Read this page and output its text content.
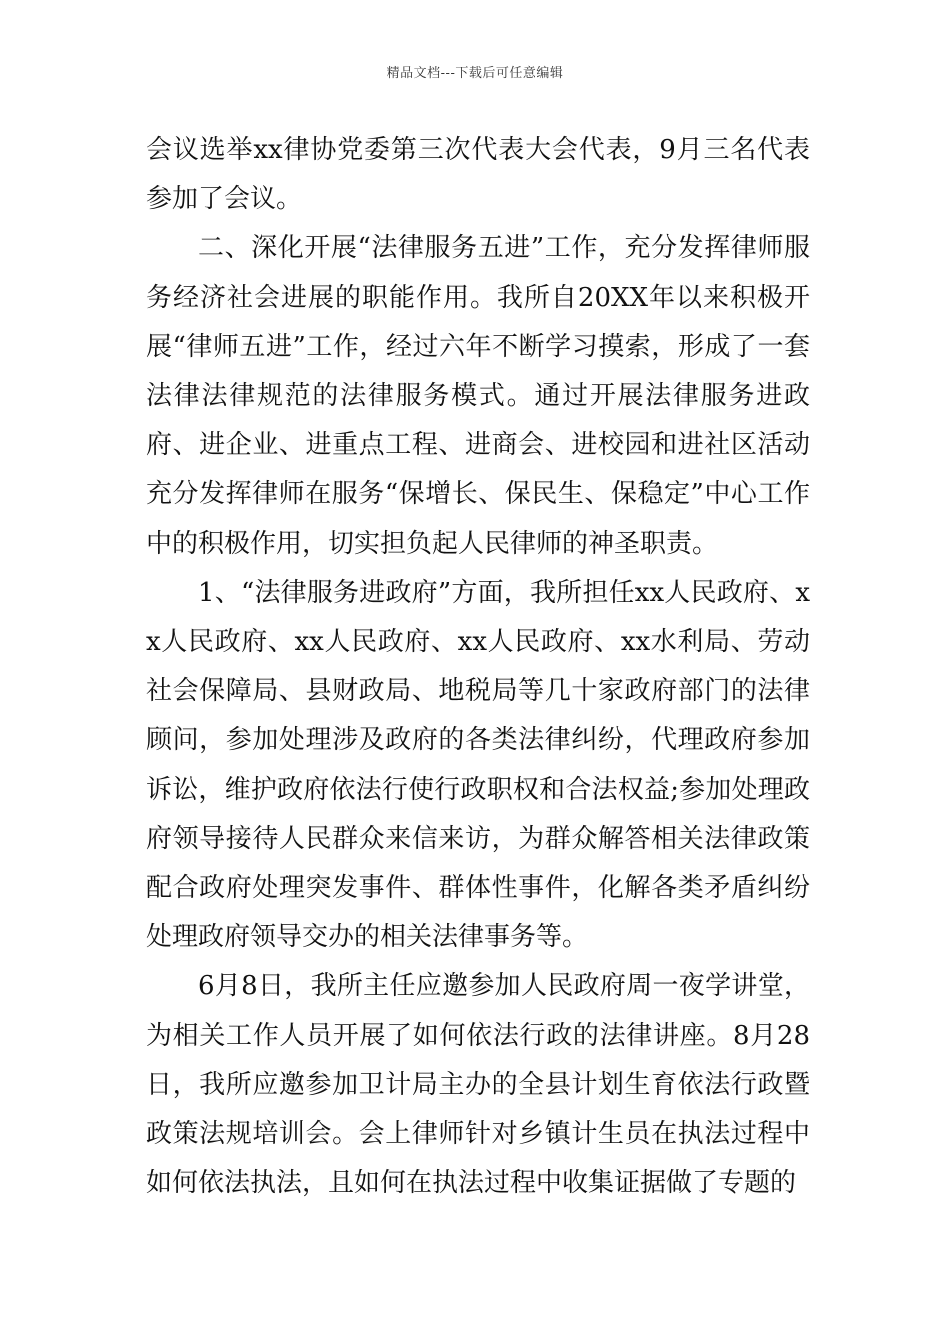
精品文档---下载后可任意编辑

会议选举xx律协党委第三次代表大会代表，9月三名代表参加了会议。

二、深化开展“法律服务五进”工作，充分发挥律师服务经济社会进展的职能作用。我所自20XX年以来积极开展“律师五进”工作，经过六年不断学习摸索，形成了一套法律法律规范的法律服务模式。通过开展法律服务进政府、进企业、进重点工程、进商会、进校园和进社区活动充分发挥律师在服务“保增长、保民生、保稳定”中心工作中的积极作用，切实担负起人民律师的神圣职责。

1、“法律服务进政府”方面，我所担任xx人民政府、xx人民政府、xx人民政府、xx人民政府、xx水利局、劳动社会保障局、县财政局、地税局等几十家政府部门的法律顾问，参加处理涉及政府的各类法律纠纷，代理政府参加诉讼，维护政府依法行使行政职权和合法权益;参加处理政府领导接待人民群众来信来访，为群众解答相关法律政策配合政府处理突发事件、群体性事件，化解各类矛盾纠纷处理政府领导交办的相关法律事务等。

6月8日，我所主任应邀参加人民政府周一夜学讲堂，为相关工作人员开展了如何依法行政的法律讲座。8月28日，我所应邀参加卫计局主办的全县计划生育依法行政暨政策法规培训会。会上律师针对乡镇计生员在执法过程中如何依法执法，且如何在执法过程中收集证据做了专题的
